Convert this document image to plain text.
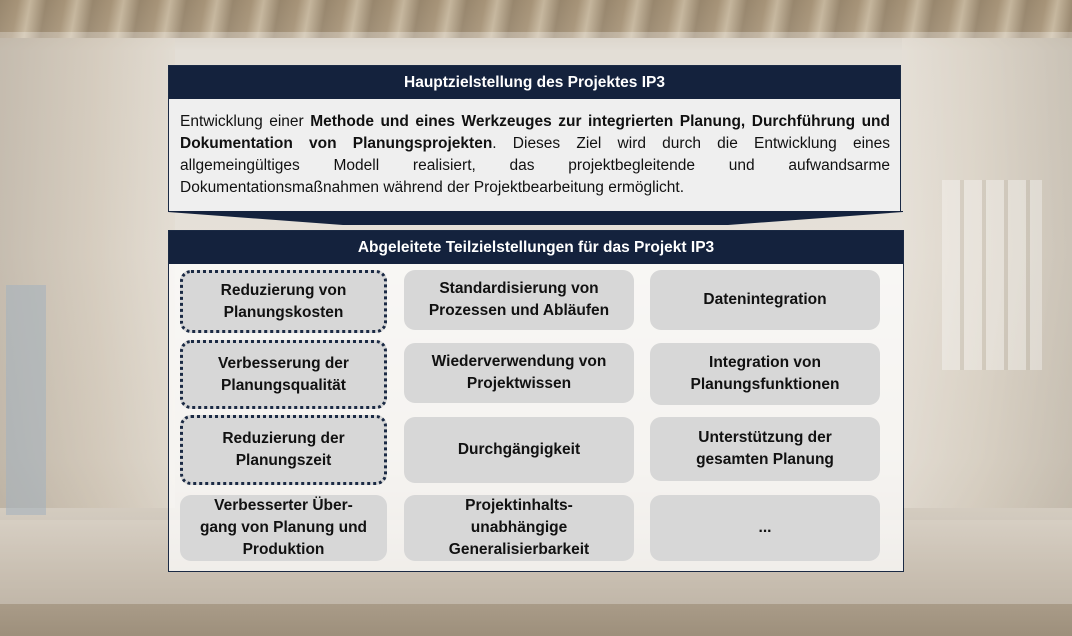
Hauptzielstellung des Projektes IP3
Entwicklung einer Methode und eines Werkzeuges zur integrierten Planung, Durchführung und Dokumentation von Planungsprojekten. Dieses Ziel wird durch die Entwicklung eines allgemeingültiges Modell realisiert, das projektbegleitende und aufwandsarme Dokumentationsmaßnahmen während der Projektbearbeitung ermöglicht.
Abgeleitete Teilzielstellungen für das Projekt IP3
Reduzierung von
Planungskosten
Standardisierung von
Prozessen und Abläufen
Datenintegration
Verbesserung der
Planungsqualität
Wiederverwendung von
Projektwissen
Integration von
Planungsfunktionen
Reduzierung der
Planungszeit
Durchgängigkeit
Unterstützung der
gesamten Planung
Verbesserter Über-
gang von Planung und
Produktion
Projektinhalts-
unabhängige
Generalisierbarkeit
...
